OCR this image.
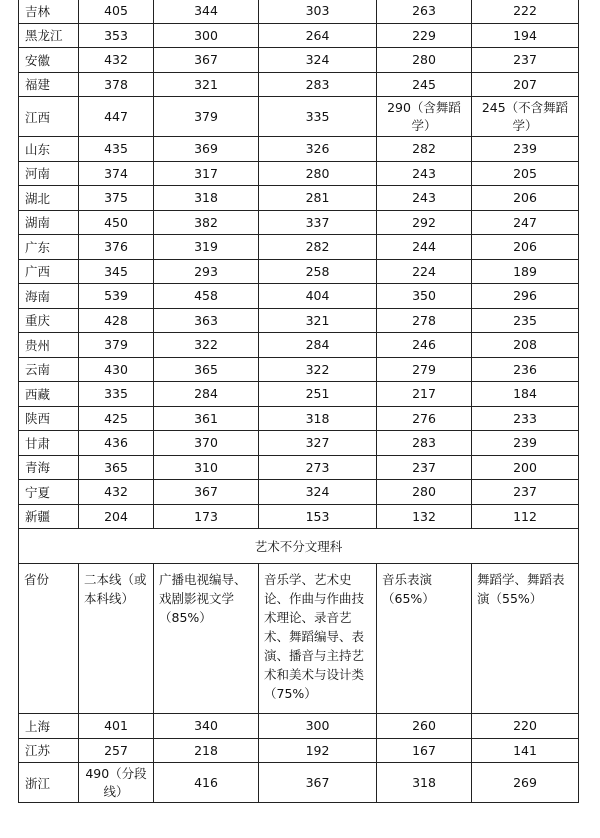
吉林	405	344	303	263	222
黑龙江	353	300	264	229	194
安徽	432	367	324	280	237
福建	378	321	283	245	207
江西	447	379	335	290（含舞蹈学）	245（不含舞蹈学）
山东	435	369	326	282	239
河南	374	317	280	243	205
湖北	375	318	281	243	206
湖南	450	382	337	292	247
广东	376	319	282	244	206
广西	345	293	258	224	189
海南	539	458	404	350	296
重庆	428	363	321	278	235
贵州	379	322	284	246	208
云南	430	365	322	279	236
西藏	335	284	251	217	184
陕西	425	361	318	276	233
甘肃	436	370	327	283	239
青海	365	310	273	237	200
宁夏	432	367	324	280	237
新疆	204	173	153	132	112
艺术不分文理科					
省份	二本线（或本科线）	广播电视编导、戏剧影视文学（85%）	音乐学、艺术史论、作曲与作曲技术理论、录音艺术、舞蹈编导、表演、播音与主持艺术和美术与设计类（75%）	音乐表演（65%）	舞蹈学、舞蹈表演（55%）
上海	401	340	300	260	220
江苏	257	218	192	167	141
浙江	490（分段线）	416	367	318	269
